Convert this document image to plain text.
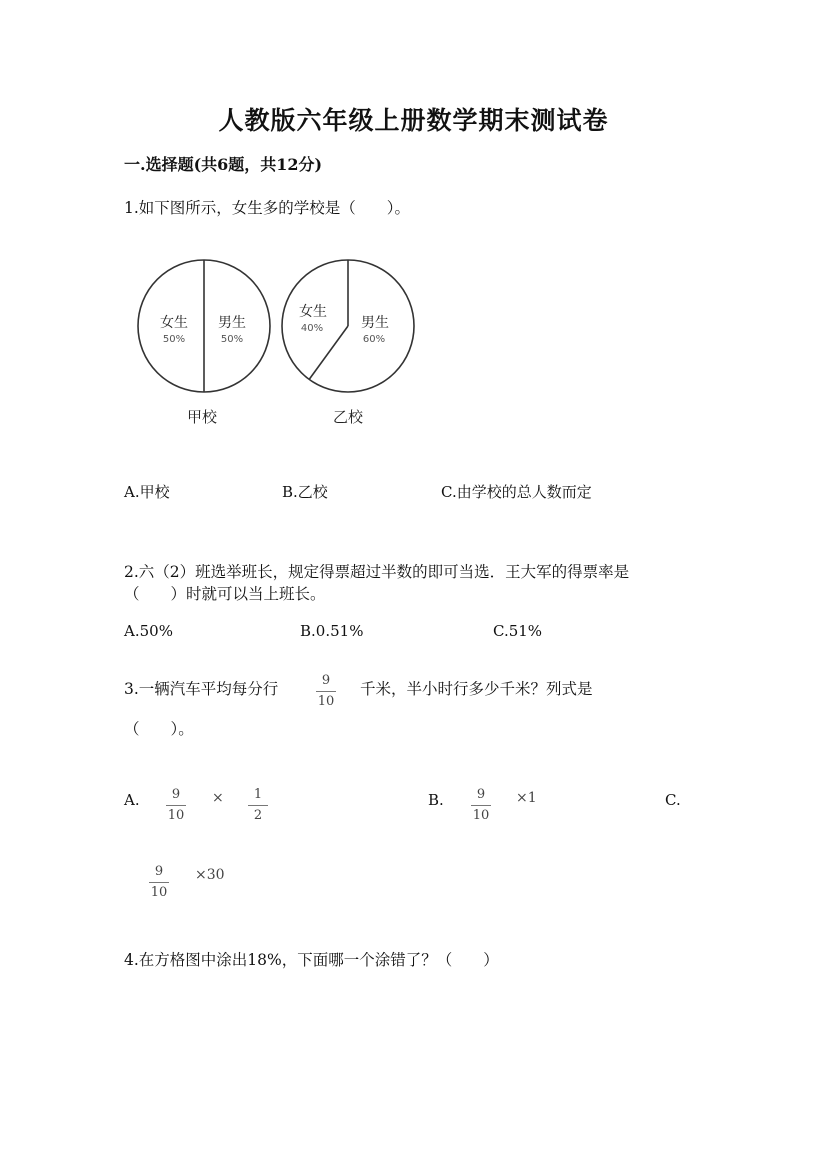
人教版六年级上册数学期末测试卷
一.选择题(共6题，共12分)
1.如下图所示，女生多的学校是（　　）。
女生
50%
男生
50%
甲校
女生
40%	男生
60%
乙校
A.甲校	B.乙校	C.由学校的总人数而定
2.六（2）班选举班长，规定得票超过半数的即可当选．王大军的得票率是
（　　）时就可以当上班长。
A.50%	B.0.51%	C.51%
3.一辆汽车平均每分行	9
10
千米，半小时行多少千米？列式是
（　　）。
A.	9
10
×	1
2
B.	9
10
×1	C.
9
10
×30
4.在方格图中涂出18%，下面哪一个涂错了？（　　）
